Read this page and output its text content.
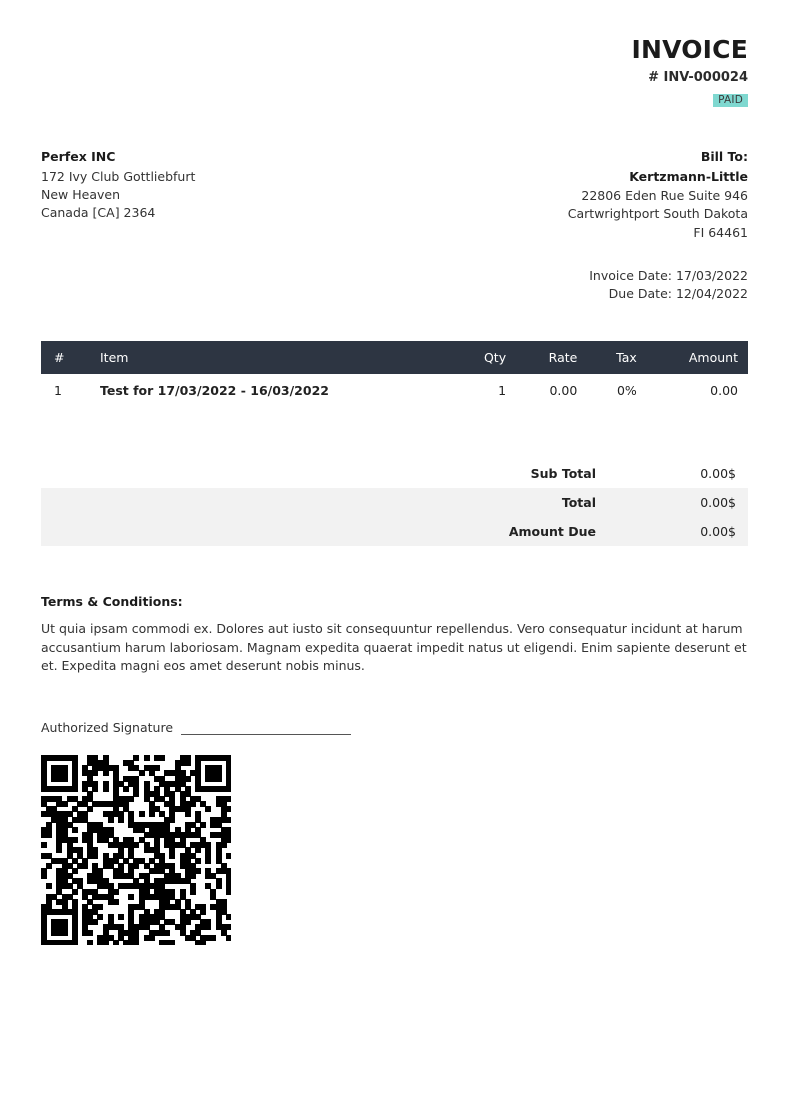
INVOICE
# INV-000024
PAID
Perfex INC
172 Ivy Club Gottliebfurt
New Heaven
Canada [CA] 2364
Bill To:
Kertzmann-Little
22806 Eden Rue Suite 946
Cartwrightport South Dakota
FI 64461
Invoice Date: 17/03/2022
Due Date: 12/04/2022
#	Item	Qty	Rate	Tax	Amount
1	Test for 17/03/2022 - 16/03/2022	1	0.00	0%	0.00
Sub Total	0.00$
Total	0.00$
Amount Due	0.00$
Terms & Conditions:
Ut quia ipsam commodi ex. Dolores aut iusto sit consequuntur repellendus. Vero consequatur incidunt at harum accusantium harum laboriosam. Magnam expedita quaerat impedit natus ut eligendi. Enim sapiente deserunt et et. Expedita magni eos amet deserunt nobis minus.
Authorized Signature
